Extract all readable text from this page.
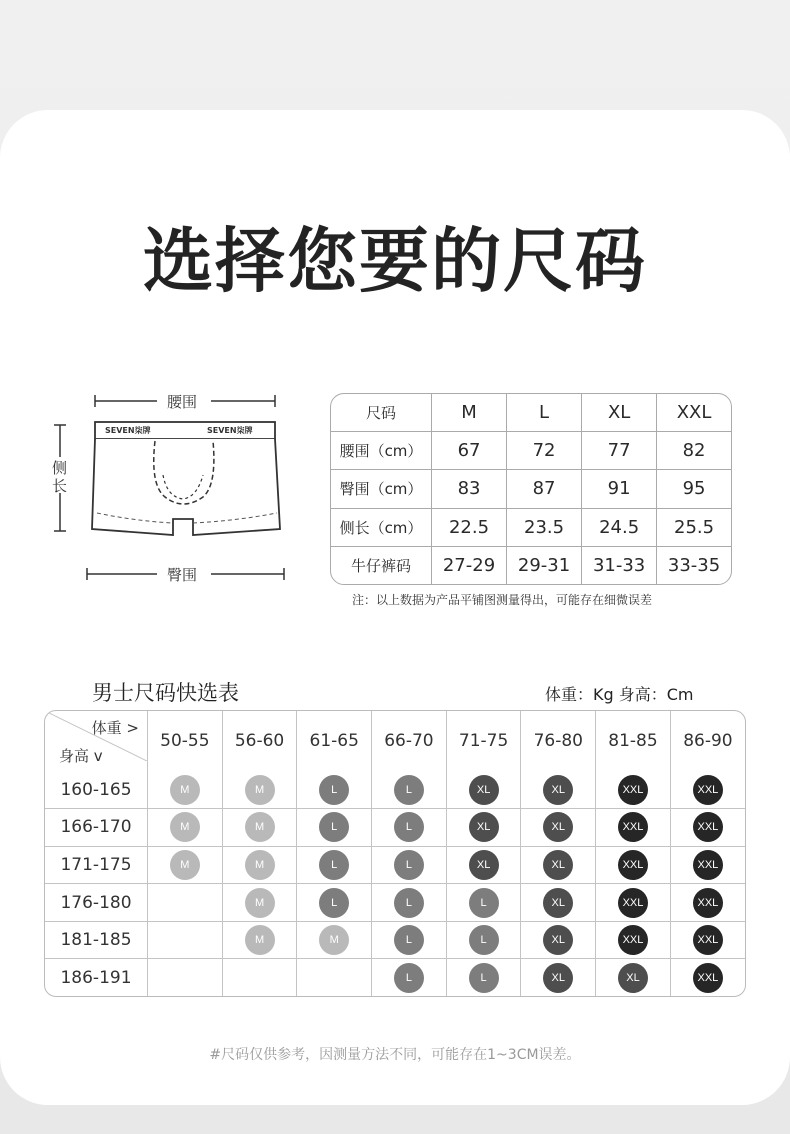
选择您要的尺码
腰围
臀围
侧
长
SEVEN柒牌	SEVEN柒牌
尺码	M	L	XL	XXL
腰围（cm）	67	72	77	82
臀围（cm）	83	87	91	95
侧长（cm）	22.5	23.5	24.5	25.5
牛仔裤码	27-29	29-31	31-33	33-35
注：以上数据为产品平铺图测量得出，可能存在细微误差
男士尺码快选表	体重：Kg 身高：Cm
体重 >
身高 v	50-55	56-60	61-65	66-70	71-75	76-80	81-85	86-90
160-165	M	M	L	L	XL	XL	XXL	XXL
166-170	M	M	L	L	XL	XL	XXL	XXL
171-175	M	M	L	L	XL	XL	XXL	XXL
176-180		M	L	L	L	XL	XXL	XXL
181-185		M	M	L	L	XL	XXL	XXL
186-191				L	L	XL	XL	XXL
#尺码仅供参考，因测量方法不同，可能存在1~3CM误差。
